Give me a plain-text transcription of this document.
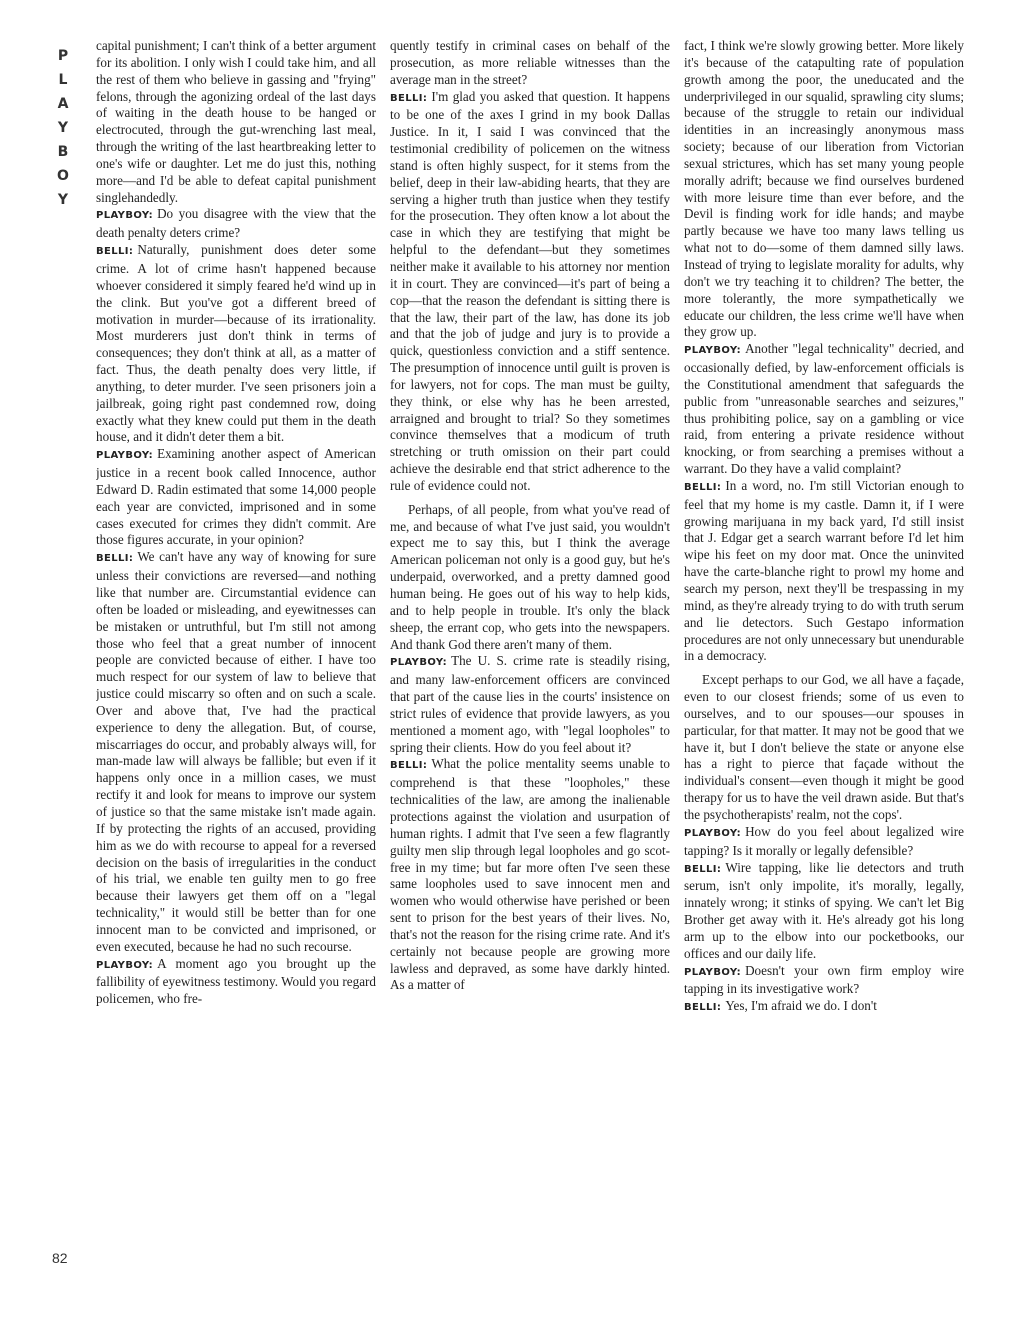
P
L
A
Y
B
O
Y
82

capital punishment; I can't think of a better argument for its abolition. I only wish I could take him, and all the rest of them who believe in gassing and "frying" felons, through the agonizing ordeal of the last days of waiting in the death house to be hanged or electrocuted, through the gut-wrenching last meal, through the writing of the last heartbreaking letter to one's wife or daughter. Let me do just this, nothing more—and I'd be able to defeat capital punishment singlehandedly.

PLAYBOY: Do you disagree with the view that the death penalty deters crime?

BELLI: Naturally, punishment does deter some crime. A lot of crime hasn't happened because whoever considered it simply feared he'd wind up in the clink. But you've got a different breed of motivation in murder—because of its irrationality. Most murderers just don't think in terms of consequences; they don't think at all, as a matter of fact. Thus, the death penalty does very little, if anything, to deter murder. I've seen prisoners join a jailbreak, going right past condemned row, doing exactly what they knew could put them in the death house, and it didn't deter them a bit.

PLAYBOY: Examining another aspect of American justice in a recent book called Innocence, author Edward D. Radin estimated that some 14,000 people each year are convicted, imprisoned and in some cases executed for crimes they didn't commit. Are those figures accurate, in your opinion?

BELLI: We can't have any way of knowing for sure unless their convictions are reversed—and nothing like that number are. Circumstantial evidence can often be loaded or misleading, and eyewitnesses can be mistaken or untruthful, but I'm still not among those who feel that a great number of innocent people are convicted because of either. I have too much respect for our system of law to believe that justice could miscarry so often and on such a scale. Over and above that, I've had the practical experience to deny the allegation. But, of course, miscarriages do occur, and probably always will, for man-made law will always be fallible; but even if it happens only once in a million cases, we must rectify it and look for means to improve our system of justice so that the same mistake isn't made again. If by protecting the rights of an accused, providing him as we do with recourse to appeal for a reversed decision on the basis of irregularities in the conduct of his trial, we enable ten guilty men to go free because their lawyers get them off on a "legal technicality," it would still be better than for one innocent man to be convicted and imprisoned, or even executed, because he had no such recourse.

PLAYBOY: A moment ago you brought up the fallibility of eyewitness testimony. Would you regard policemen, who fre-

quently testify in criminal cases on behalf of the prosecution, as more reliable witnesses than the average man in the street?

BELLI: I'm glad you asked that question. It happens to be one of the axes I grind in my book Dallas Justice. In it, I said I was convinced that the testimonial credibility of policemen on the witness stand is often highly suspect, for it stems from the belief, deep in their law-abiding hearts, that they are serving a higher truth than justice when they testify for the prosecution. They often know a lot about the case in which they are testifying that might be helpful to the defendant—but they sometimes neither make it available to his attorney nor mention it in court. They are convinced—it's part of being a cop—that the reason the defendant is sitting there is that the law, their part of the law, has done its job and that the job of judge and jury is to provide a quick, questionless conviction and a stiff sentence. The presumption of innocence until guilt is proven is for lawyers, not for cops. The man must be guilty, they think, or else why has he been arrested, arraigned and brought to trial? So they sometimes convince themselves that a modicum of truth stretching or truth omission on their part could achieve the desirable end that strict adherence to the rule of evidence could not.

Perhaps, of all people, from what you've read of me, and because of what I've just said, you wouldn't expect me to say this, but I think the average American policeman not only is a good guy, but he's underpaid, overworked, and a pretty damned good human being. He goes out of his way to help kids, and to help people in trouble. It's only the black sheep, the errant cop, who gets into the newspapers. And thank God there aren't many of them.

PLAYBOY: The U. S. crime rate is steadily rising, and many law-enforcement officers are convinced that part of the cause lies in the courts' insistence on strict rules of evidence that provide lawyers, as you mentioned a moment ago, with "legal loopholes" to spring their clients. How do you feel about it?

BELLI: What the police mentality seems unable to comprehend is that these "loopholes," these technicalities of the law, are among the inalienable protections against the violation and usurpation of human rights. I admit that I've seen a few flagrantly guilty men slip through legal loopholes and go scot-free in my time; but far more often I've seen these same loopholes used to save innocent men and women who would otherwise have perished or been sent to prison for the best years of their lives. No, that's not the reason for the rising crime rate. And it's certainly not because people are growing more lawless and depraved, as some have darkly hinted. As a matter of

fact, I think we're slowly growing better. More likely it's because of the catapulting rate of population growth among the poor, the uneducated and the underprivileged in our squalid, sprawling city slums; because of the struggle to retain our individual identities in an increasingly anonymous mass society; because of our liberation from Victorian sexual strictures, which has set many young people morally adrift; because we find ourselves burdened with more leisure time than ever before, and the Devil is finding work for idle hands; and maybe partly because we have too many laws telling us what not to do—some of them damned silly laws. Instead of trying to legislate morality for adults, why don't we try teaching it to children? The better, the more tolerantly, the more sympathetically we educate our children, the less crime we'll have when they grow up.

PLAYBOY: Another "legal technicality" decried, and occasionally defied, by law-enforcement officials is the Constitutional amendment that safeguards the public from "unreasonable searches and seizures," thus prohibiting police, say on a gambling or vice raid, from entering a private residence without knocking, or from searching a premises without a warrant. Do they have a valid complaint?

BELLI: In a word, no. I'm still Victorian enough to feel that my home is my castle. Damn it, if I were growing marijuana in my back yard, I'd still insist that J. Edgar get a search warrant before I'd let him wipe his feet on my door mat. Once the uninvited have the carte-blanche right to prowl my home and search my person, next they'll be trespassing in my mind, as they're already trying to do with truth serum and lie detectors. Such Gestapo information procedures are not only unnecessary but unendurable in a democracy.

Except perhaps to our God, we all have a façade, even to our closest friends; some of us even to ourselves, and to our spouses—our spouses in particular, for that matter. It may not be good that we have it, but I don't believe the state or anyone else has a right to pierce that façade without the individual's consent—even though it might be good therapy for us to have the veil drawn aside. But that's the psychotherapists' realm, not the cops'.

PLAYBOY: How do you feel about legalized wire tapping? Is it morally or legally defensible?

BELLI: Wire tapping, like lie detectors and truth serum, isn't only impolite, it's morally, legally, innately wrong; it stinks of spying. We can't let Big Brother get away with it. He's already got his long arm up to the elbow into our pocketbooks, our offices and our daily life.

PLAYBOY: Doesn't your own firm employ wire tapping in its investigative work?

BELLI: Yes, I'm afraid we do. I don't
